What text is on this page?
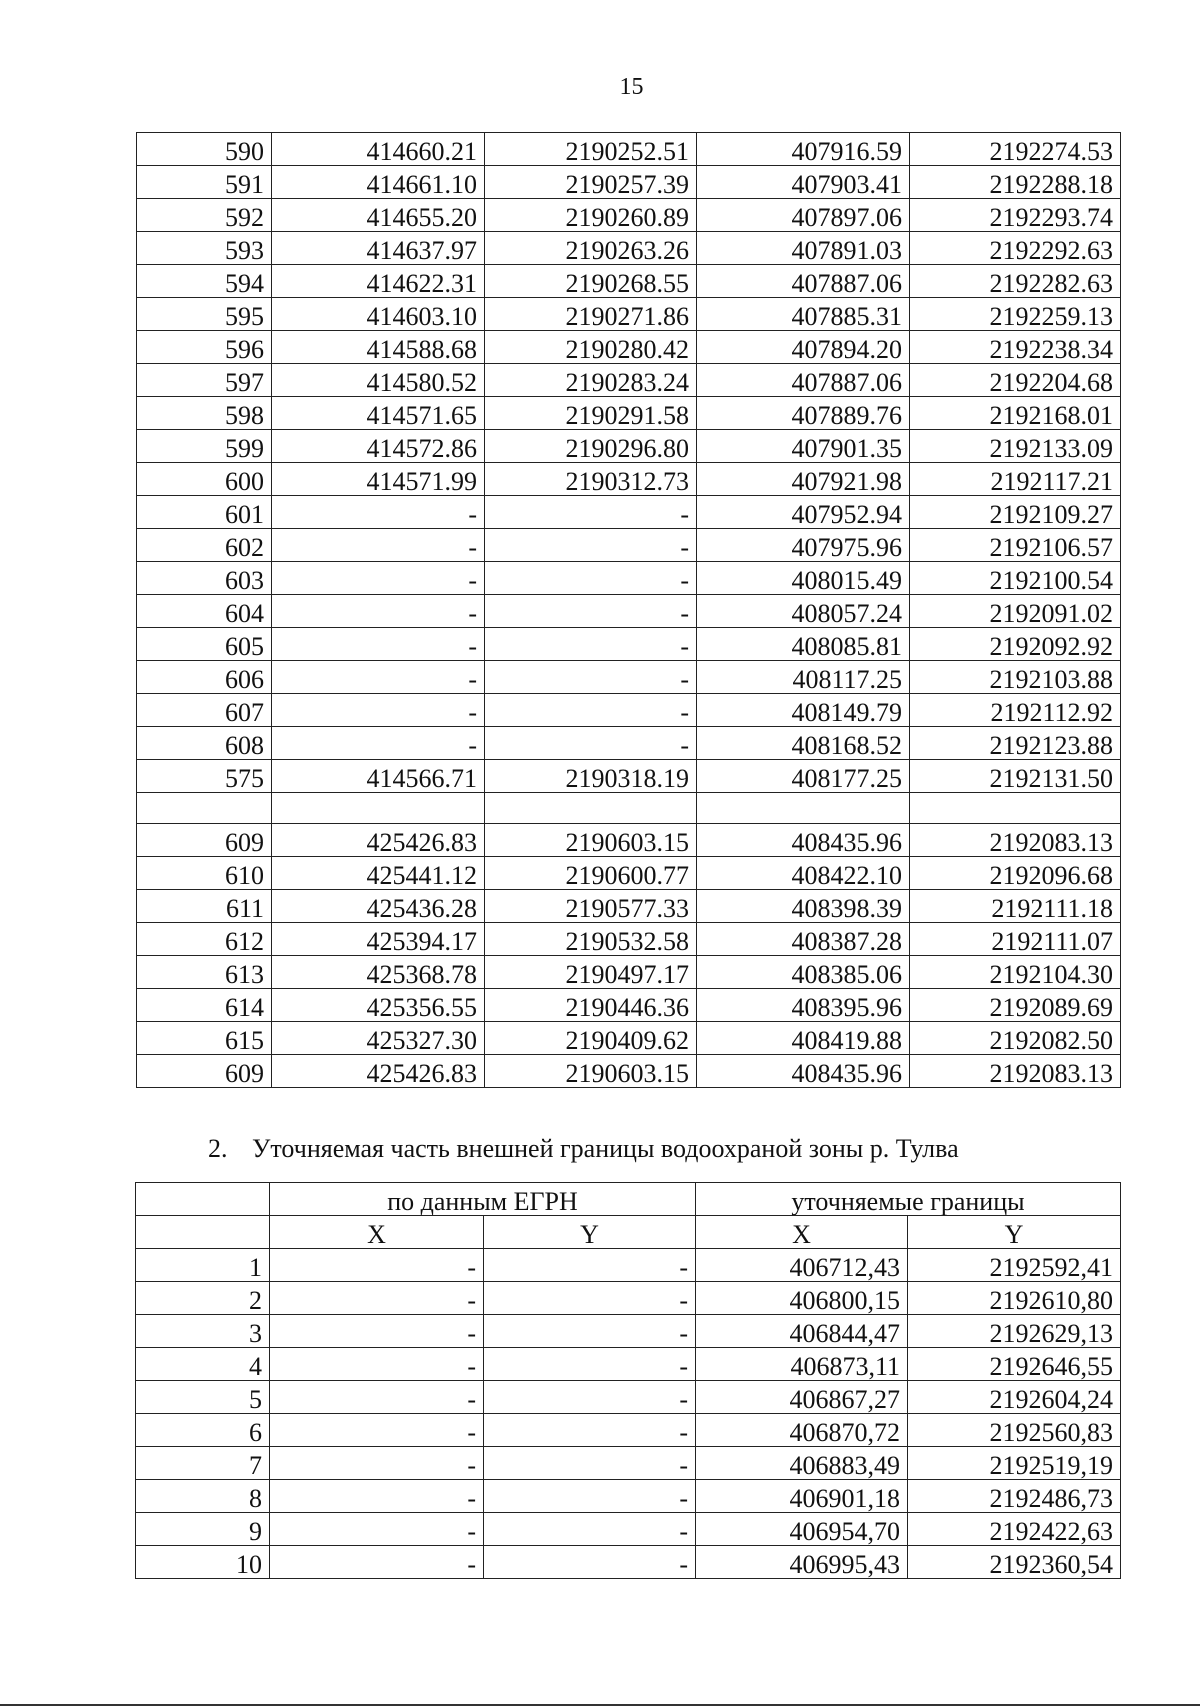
15
590	414660.21	2190252.51	407916.59	2192274.53
591	414661.10	2190257.39	407903.41	2192288.18
592	414655.20	2190260.89	407897.06	2192293.74
593	414637.97	2190263.26	407891.03	2192292.63
594	414622.31	2190268.55	407887.06	2192282.63
595	414603.10	2190271.86	407885.31	2192259.13
596	414588.68	2190280.42	407894.20	2192238.34
597	414580.52	2190283.24	407887.06	2192204.68
598	414571.65	2190291.58	407889.76	2192168.01
599	414572.86	2190296.80	407901.35	2192133.09
600	414571.99	2190312.73	407921.98	2192117.21
601	-	-	407952.94	2192109.27
602	-	-	407975.96	2192106.57
603	-	-	408015.49	2192100.54
604	-	-	408057.24	2192091.02
605	-	-	408085.81	2192092.92
606	-	-	408117.25	2192103.88
607	-	-	408149.79	2192112.92
608	-	-	408168.52	2192123.88
575	414566.71	2190318.19	408177.25	2192131.50

609	425426.83	2190603.15	408435.96	2192083.13
610	425441.12	2190600.77	408422.10	2192096.68
611	425436.28	2190577.33	408398.39	2192111.18
612	425394.17	2190532.58	408387.28	2192111.07
613	425368.78	2190497.17	408385.06	2192104.30
614	425356.55	2190446.36	408395.96	2192089.69
615	425327.30	2190409.62	408419.88	2192082.50
609	425426.83	2190603.15	408435.96	2192083.13
2. Уточняемая часть внешней границы водоохраной зоны р. Тулва
	по данным ЕГРН		уточняемые границы	
	X	Y	X	Y
1	-	-	406712,43	2192592,41
2	-	-	406800,15	2192610,80
3	-	-	406844,47	2192629,13
4	-	-	406873,11	2192646,55
5	-	-	406867,27	2192604,24
6	-	-	406870,72	2192560,83
7	-	-	406883,49	2192519,19
8	-	-	406901,18	2192486,73
9	-	-	406954,70	2192422,63
10	-	-	406995,43	2192360,54
